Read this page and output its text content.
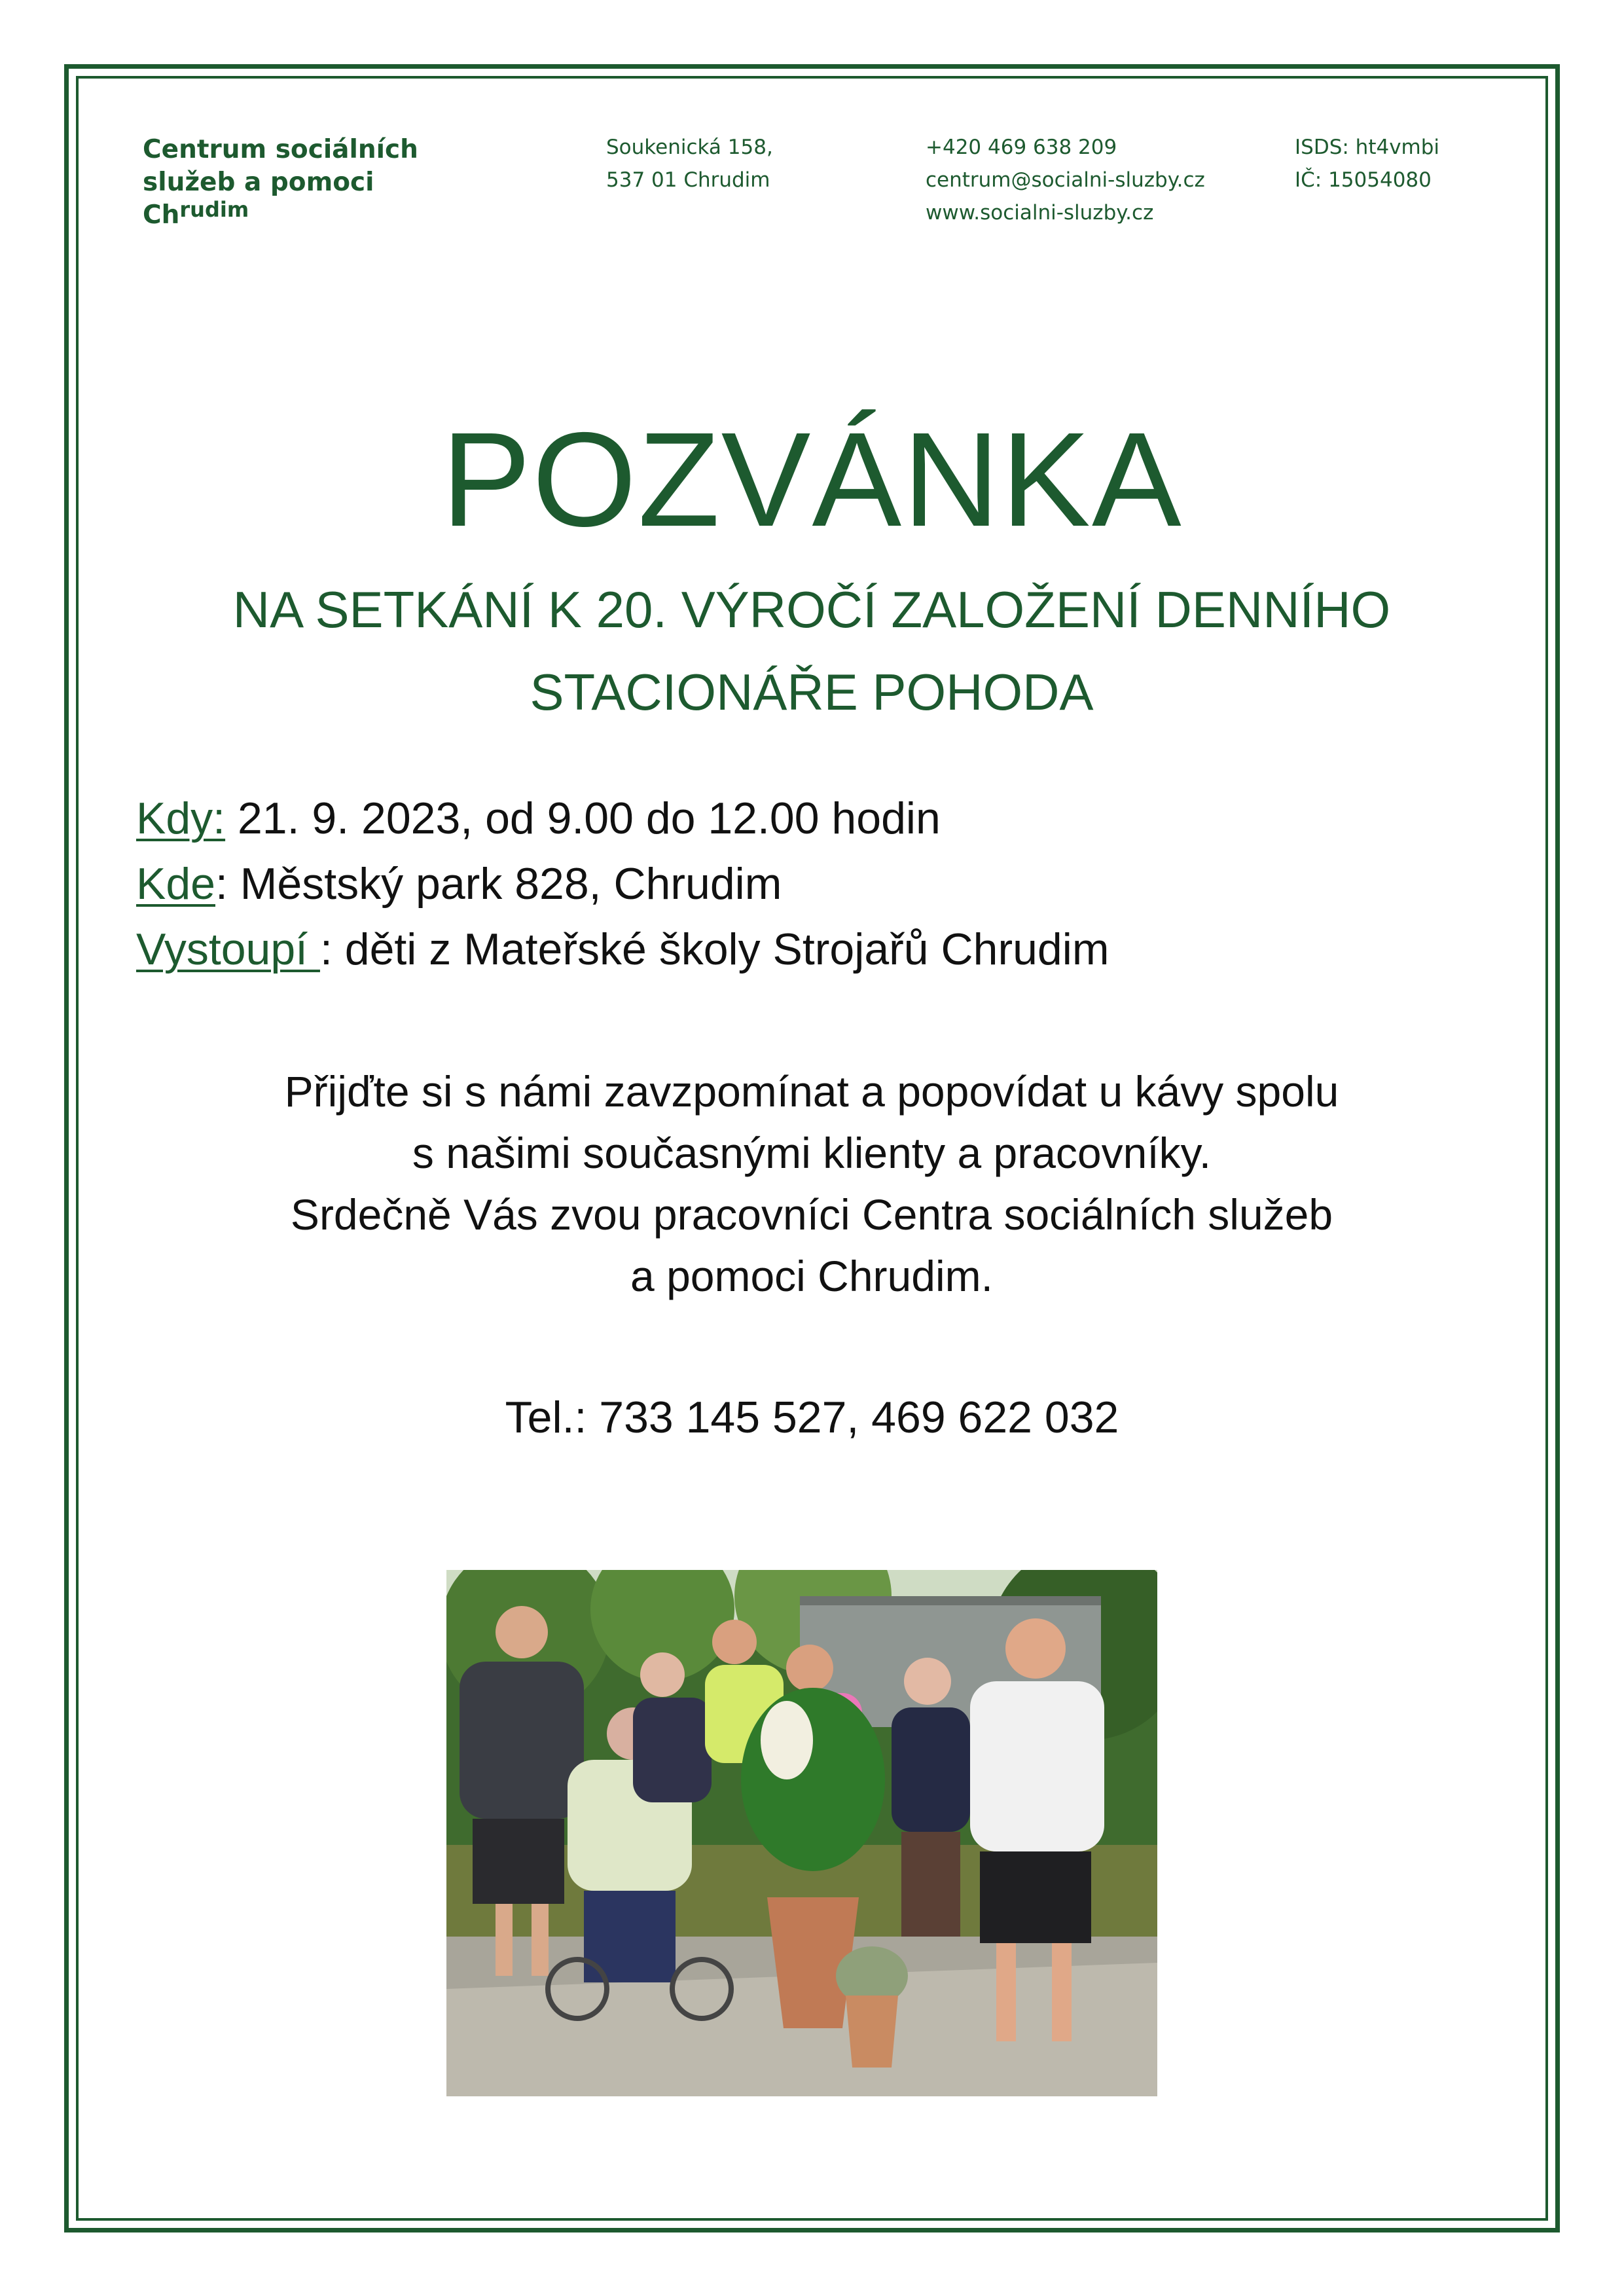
Centrum sociálních
služeb a pomoci
$Ch^{rudim}$
Soukenická 158,
537 01 Chrudim
+420 469 638 209
centrum@socialni-sluzby.cz
www.socialni-sluzby.cz
ISDS: ht4vmbi
IČ: 15054080
POZVÁNKA
NA SETKÁNÍ K 20. VÝROČÍ ZALOŽENÍ DENNÍHO
STACIONÁŘE POHODA
Kdy: 21. 9. 2023, od 9.00 do 12.00 hodin
Kde: Městský park 828, Chrudim
Vystoupí : děti z Mateřské školy Strojařů Chrudim
Přijďte si s námi zavzpomínat a popovídat u kávy spolu
s našimi současnými klienty a pracovníky.
Srdečně Vás zvou pracovníci Centra sociálních služeb
a pomoci Chrudim.
Tel.: 733 145 527, 469 622 032
